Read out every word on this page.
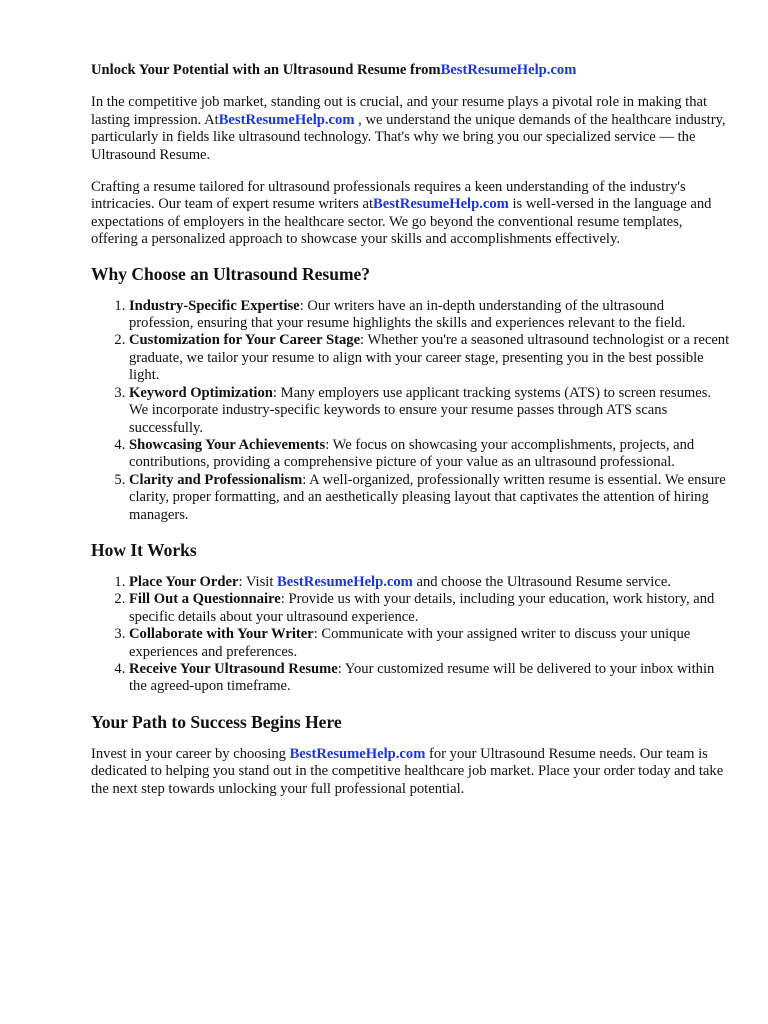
Unlock Your Potential with an Ultrasound Resume fromBestResumeHelp.com

In the competitive job market, standing out is crucial, and your resume plays a pivotal role in making that lasting impression. AtBestResumeHelp.com , we understand the unique demands of the healthcare industry, particularly in fields like ultrasound technology. That's why we bring you our specialized service — the Ultrasound Resume.

Crafting a resume tailored for ultrasound professionals requires a keen understanding of the industry's intricacies. Our team of expert resume writers atBestResumeHelp.com is well-versed in the language and expectations of employers in the healthcare sector. We go beyond the conventional resume templates, offering a personalized approach to showcase your skills and accomplishments effectively.

Why Choose an Ultrasound Resume?
1. Industry-Specific Expertise: Our writers have an in-depth understanding of the ultrasound profession, ensuring that your resume highlights the skills and experiences relevant to the field.
2. Customization for Your Career Stage: Whether you're a seasoned ultrasound technologist or a recent graduate, we tailor your resume to align with your career stage, presenting you in the best possible light.
3. Keyword Optimization: Many employers use applicant tracking systems (ATS) to screen resumes. We incorporate industry-specific keywords to ensure your resume passes through ATS scans successfully.
4. Showcasing Your Achievements: We focus on showcasing your accomplishments, projects, and contributions, providing a comprehensive picture of your value as an ultrasound professional.
5. Clarity and Professionalism: A well-organized, professionally written resume is essential. We ensure clarity, proper formatting, and an aesthetically pleasing layout that captivates the attention of hiring managers.
How It Works
1. Place Your Order: Visit BestResumeHelp.com and choose the Ultrasound Resume service.
2. Fill Out a Questionnaire: Provide us with your details, including your education, work history, and specific details about your ultrasound experience.
3. Collaborate with Your Writer: Communicate with your assigned writer to discuss your unique experiences and preferences.
4. Receive Your Ultrasound Resume: Your customized resume will be delivered to your inbox within the agreed-upon timeframe.
Your Path to Success Begins Here

Invest in your career by choosing BestResumeHelp.com for your Ultrasound Resume needs. Our team is dedicated to helping you stand out in the competitive healthcare job market. Place your order today and take the next step towards unlocking your full professional potential.
